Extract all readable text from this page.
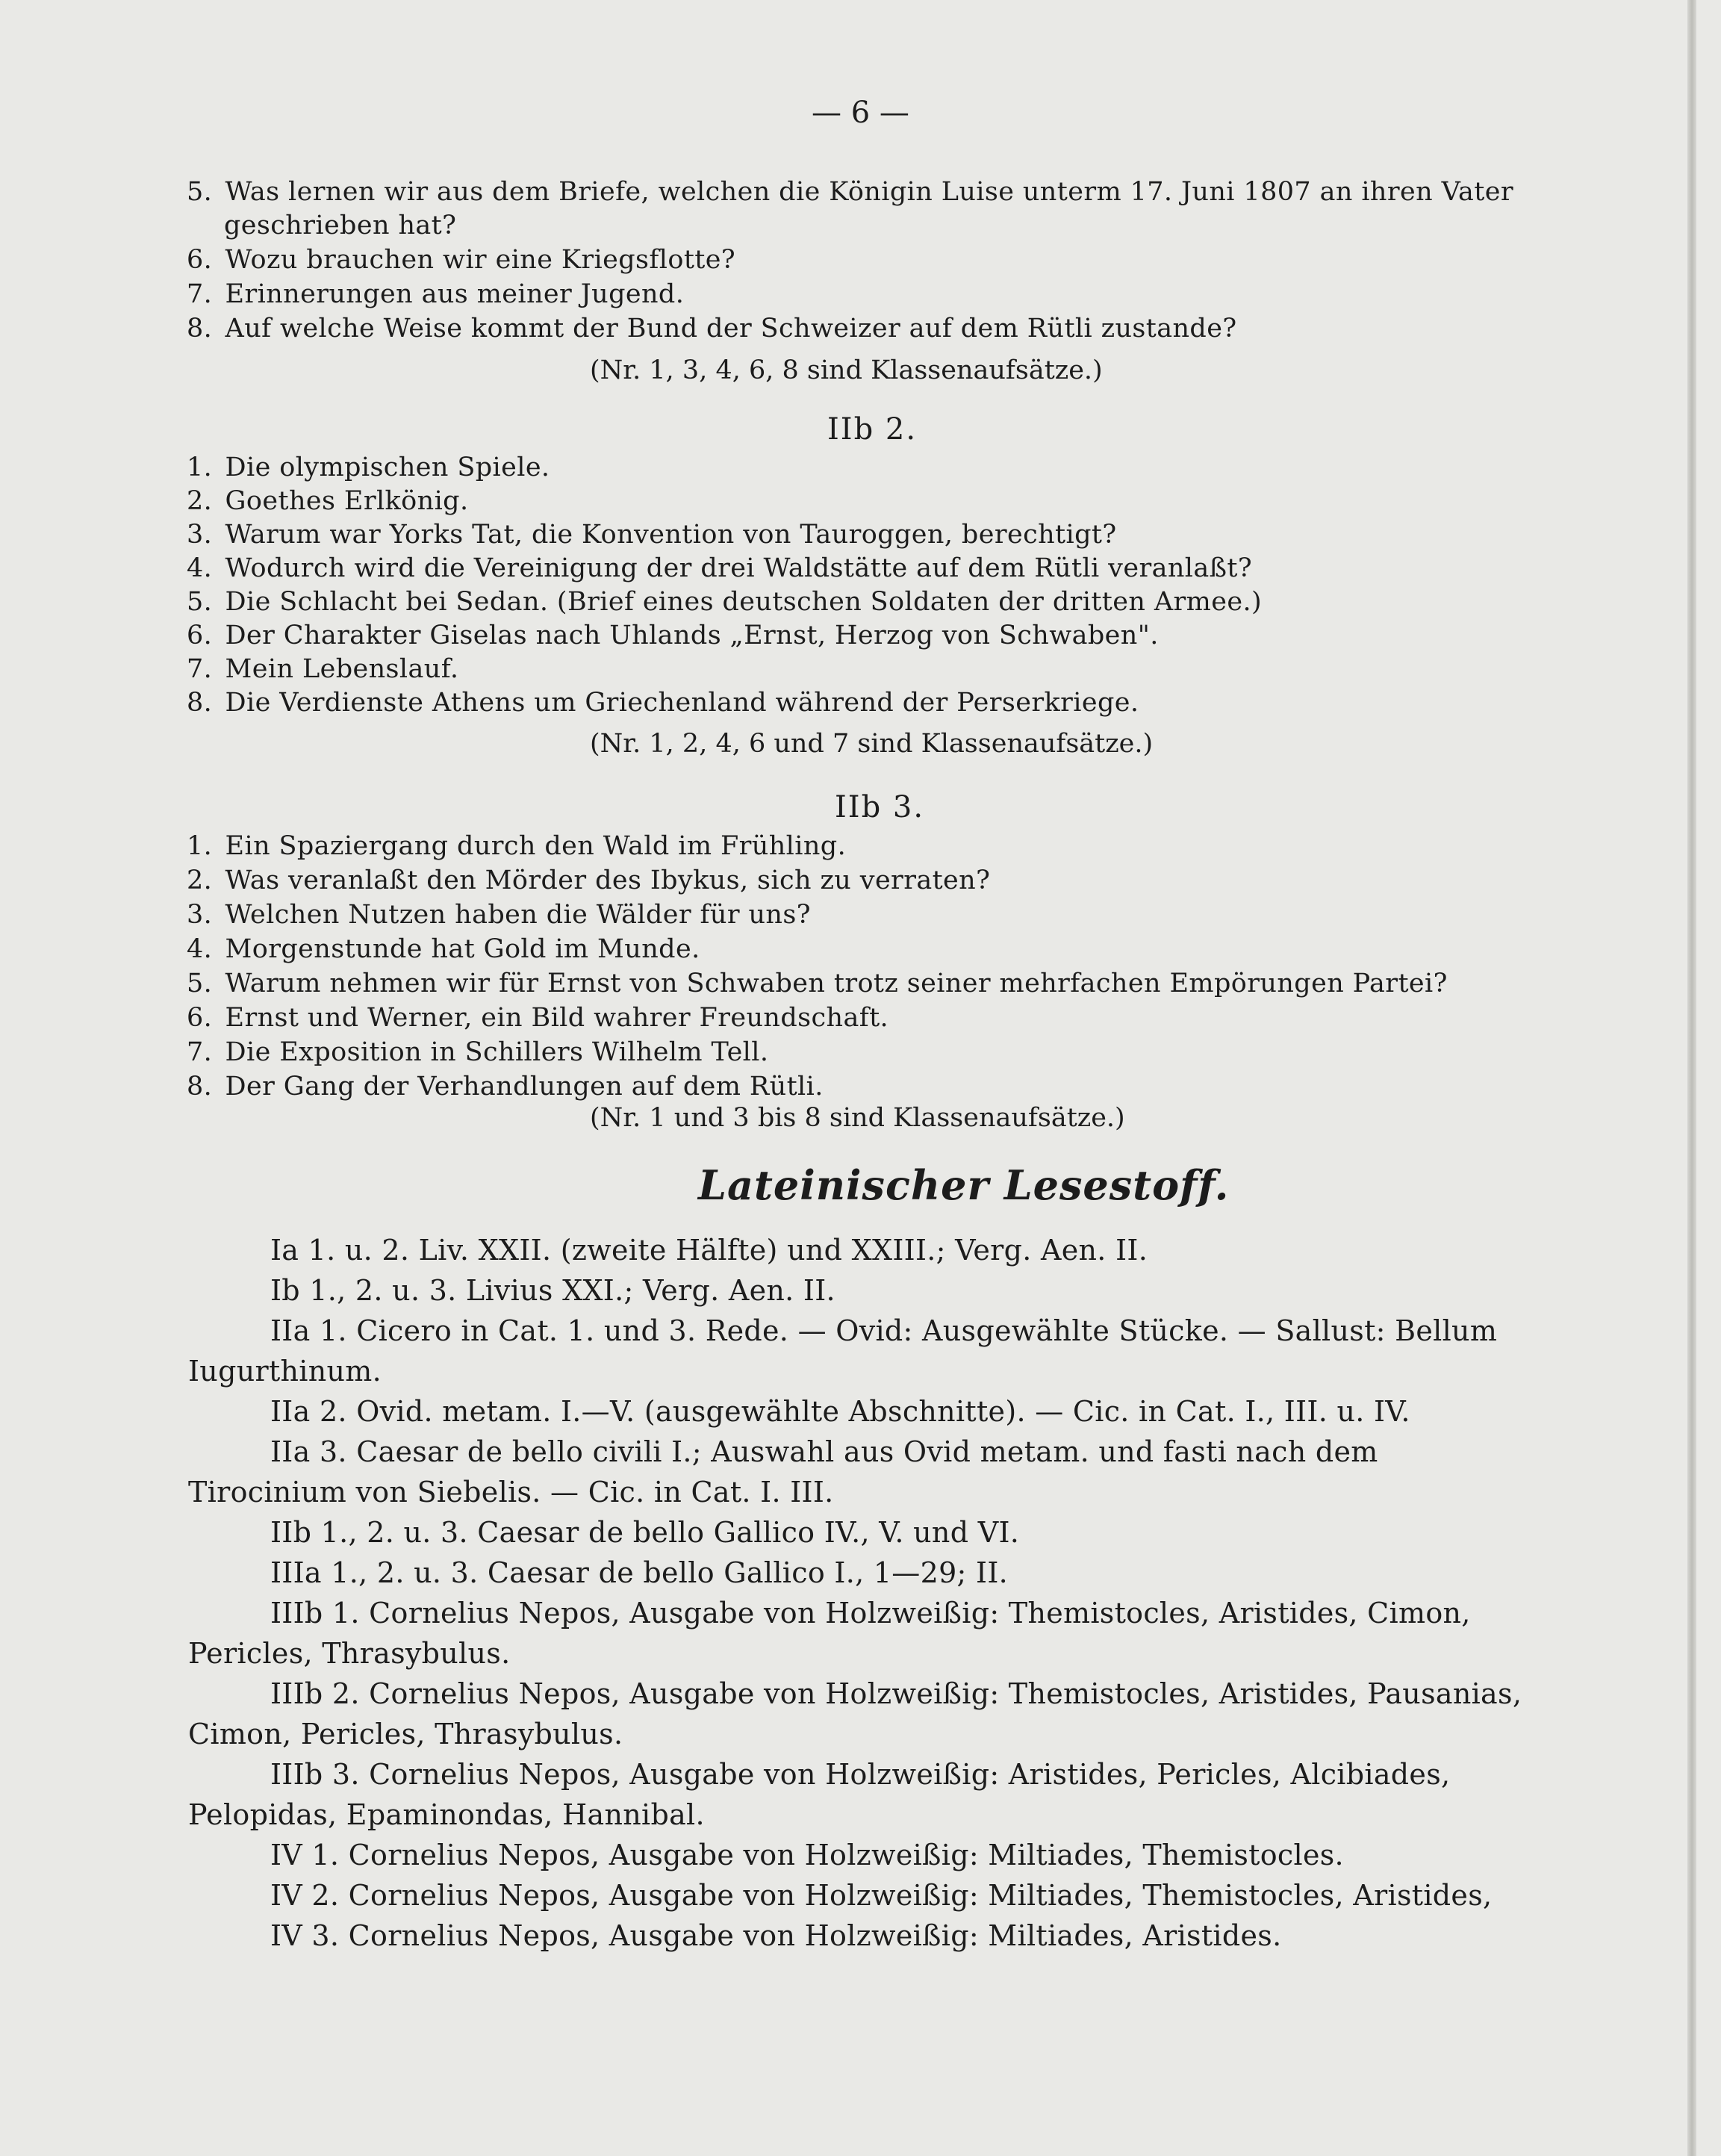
— 6 —
5. Was lernen wir aus dem Briefe, welchen die Königin Luise unterm 17. Juni 1807 an ihren Vater
geschrieben hat?
6. Wozu brauchen wir eine Kriegsflotte?
7. Erinnerungen aus meiner Jugend.
8. Auf welche Weise kommt der Bund der Schweizer auf dem Rütli zustande?
(Nr. 1, 3, 4, 6, 8 sind Klassenaufsätze.)
IIb 2.
1. Die olympischen Spiele.
2. Goethes Erlkönig.
3. Warum war Yorks Tat, die Konvention von Tauroggen, berechtigt?
4. Wodurch wird die Vereinigung der drei Waldstätte auf dem Rütli veranlaßt?
5. Die Schlacht bei Sedan. (Brief eines deutschen Soldaten der dritten Armee.)
6. Der Charakter Giselas nach Uhlands „Ernst, Herzog von Schwaben".
7. Mein Lebenslauf.
8. Die Verdienste Athens um Griechenland während der Perserkriege.
(Nr. 1, 2, 4, 6 und 7 sind Klassenaufsätze.)
IIb 3.
1. Ein Spaziergang durch den Wald im Frühling.
2. Was veranlaßt den Mörder des Ibykus, sich zu verraten?
3. Welchen Nutzen haben die Wälder für uns?
4. Morgenstunde hat Gold im Munde.
5. Warum nehmen wir für Ernst von Schwaben trotz seiner mehrfachen Empörungen Partei?
6. Ernst und Werner, ein Bild wahrer Freundschaft.
7. Die Exposition in Schillers Wilhelm Tell.
8. Der Gang der Verhandlungen auf dem Rütli.
(Nr. 1 und 3 bis 8 sind Klassenaufsätze.)
Lateinischer Lesestoff.
Ia 1. u. 2. Liv. XXII. (zweite Hälfte) und XXIII.; Verg. Aen. II.
Ib 1., 2. u. 3. Livius XXI.; Verg. Aen. II.
IIa 1. Cicero in Cat. 1. und 3. Rede. — Ovid: Ausgewählte Stücke. — Sallust: Bellum
Iugurthinum.
IIa 2. Ovid. metam. I.—V. (ausgewählte Abschnitte). — Cic. in Cat. I., III. u. IV.
IIa 3. Caesar de bello civili I.; Auswahl aus Ovid metam. und fasti nach dem
Tirocinium von Siebelis. — Cic. in Cat. I. III.
IIb 1., 2. u. 3. Caesar de bello Gallico IV., V. und VI.
IIIa 1., 2. u. 3. Caesar de bello Gallico I., 1—29; II.
IIIb 1. Cornelius Nepos, Ausgabe von Holzweißig: Themistocles, Aristides, Cimon,
Pericles, Thrasybulus.
IIIb 2. Cornelius Nepos, Ausgabe von Holzweißig: Themistocles, Aristides, Pausanias,
Cimon, Pericles, Thrasybulus.
IIIb 3. Cornelius Nepos, Ausgabe von Holzweißig: Aristides, Pericles, Alcibiades,
Pelopidas, Epaminondas, Hannibal.
IV 1. Cornelius Nepos, Ausgabe von Holzweißig: Miltiades, Themistocles.
IV 2. Cornelius Nepos, Ausgabe von Holzweißig: Miltiades, Themistocles, Aristides,
IV 3. Cornelius Nepos, Ausgabe von Holzweißig: Miltiades, Aristides.
